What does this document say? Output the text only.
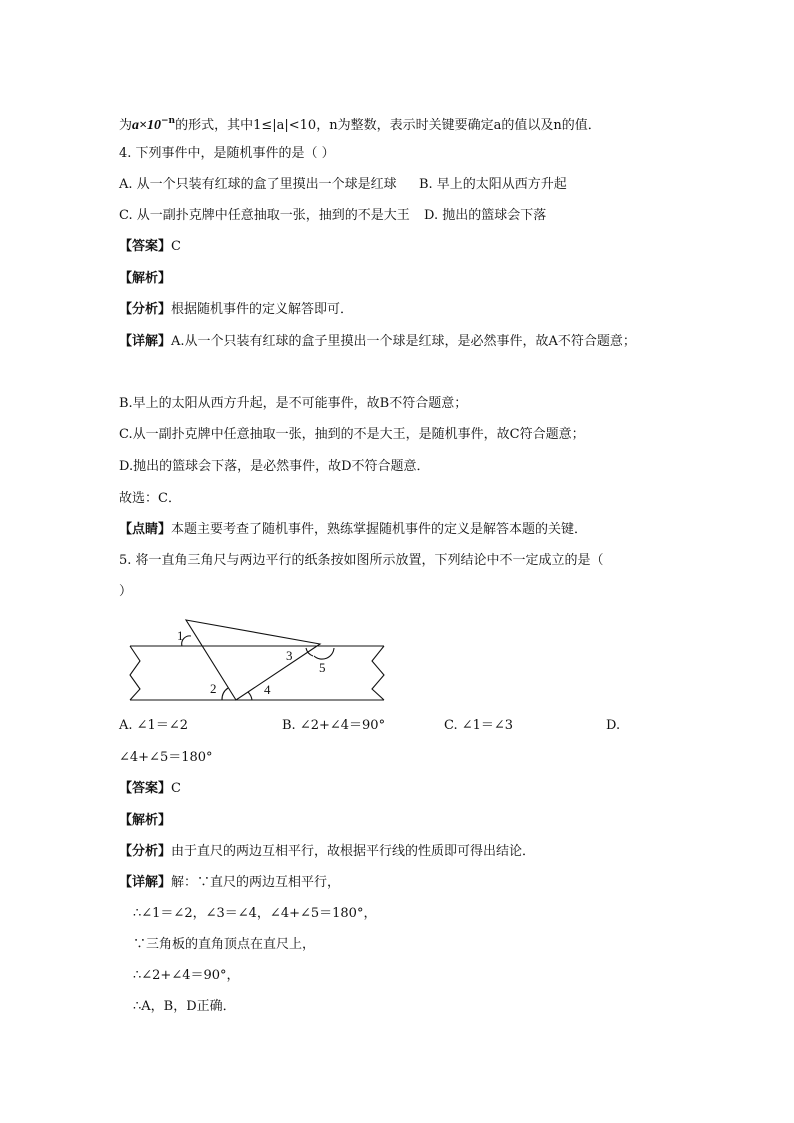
为$a\times 10^{-n}$的形式，其中1≤|a|<10，n为整数，表示时关键要确定a的值以及n的值．
4. 下列事件中，是随机事件的是（ ）
A. 从一个只装有红球的盒了里摸出一个球是红球 B. 早上的太阳从西方升起
C. 从一副扑克牌中任意抽取一张，抽到的不是大王 D. 抛出的篮球会下落
【答案】C
【解析】
【分析】根据随机事件的定义解答即可．
【详解】A.从一个只装有红球的盒子里摸出一个球是红球，是必然事件，故A不符合题意；
B.早上的太阳从西方升起，是不可能事件，故B不符合题意；
C.从一副扑克牌中任意抽取一张，抽到的不是大王，是随机事件，故C符合题意；
D.抛出的篮球会下落，是必然事件，故D不符合题意．
故选：C．
【点睛】本题主要考查了随机事件，熟练掌握随机事件的定义是解答本题的关键．
5. 将一直角三角尺与两边平行的纸条按如图所示放置，下列结论中不一定成立的是（
）
1
2
3
4
5
A. ∠1＝∠2	B. ∠2+∠4＝90°	C. ∠1＝∠3	D.
∠4+∠5＝180°
【答案】C
【解析】
【分析】由于直尺的两边互相平行，故根据平行线的性质即可得出结论．
【详解】解：∵直尺的两边互相平行，
∴∠1＝∠2，∠3＝∠4，∠4+∠5＝180°，
∵三角板的直角顶点在直尺上，
∴∠2+∠4＝90°，
∴A，B，D正确．
